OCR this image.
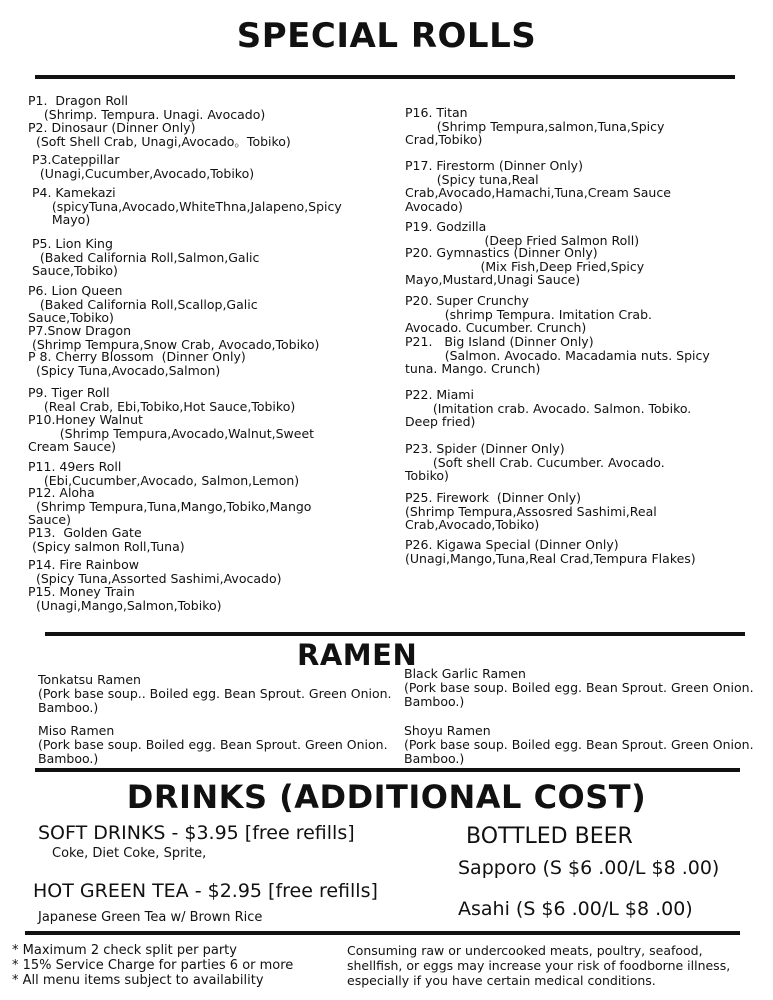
SPECIAL ROLLS
P1.  Dragon Roll
(Shrimp. Tempura. Unagi. Avocado)
P2. Dinosaur (Dinner Only)
(Soft Shell Crab, Unagi,Avocado。Tobiko)
P3.Cateppillar
(Unagi,Cucumber,Avocado,Tobiko)
P4. Kamekazi
(spicyTuna,Avocado,WhiteThna,Jalapeno,Spicy
Mayo)
P5. Lion King
(Baked California Roll,Salmon,Galic
Sauce,Tobiko)
P6. Lion Queen
(Baked California Roll,Scallop,Galic
Sauce,Tobiko)
P7.Snow Dragon
(Shrimp Tempura,Snow Crab, Avocado,Tobiko)
P 8. Cherry Blossom  (Dinner Only)
(Spicy Tuna,Avocado,Salmon)
P9. Tiger Roll
(Real Crab, Ebi,Tobiko,Hot Sauce,Tobiko)
P10.Honey Walnut
(Shrimp Tempura,Avocado,Walnut,Sweet
Cream Sauce)
P11. 49ers Roll
(Ebi,Cucumber,Avocado, Salmon,Lemon)
P12. Aloha
(Shrimp Tempura,Tuna,Mango,Tobiko,Mango
Sauce)
P13.  Golden Gate
(Spicy salmon Roll,Tuna)
P14. Fire Rainbow
(Spicy Tuna,Assorted Sashimi,Avocado)
P15. Money Train
(Unagi,Mango,Salmon,Tobiko)
P16. Titan
(Shrimp Tempura,salmon,Tuna,Spicy
Crad,Tobiko)
P17. Firestorm (Dinner Only)
(Spicy tuna,Real
Crab,Avocado,Hamachi,Tuna,Cream Sauce
Avocado)
P19. Godzilla
(Deep Fried Salmon Roll)
P20. Gymnastics (Dinner Only)
(Mix Fish,Deep Fried,Spicy
Mayo,Mustard,Unagi Sauce)
P20. Super Crunchy
(shrimp Tempura. Imitation Crab.
Avocado. Cucumber. Crunch)
P21.   Big Island (Dinner Only)
(Salmon. Avocado. Macadamia nuts. Spicy
tuna. Mango. Crunch)
P22. Miami
(Imitation crab. Avocado. Salmon. Tobiko.
Deep fried)
P23. Spider (Dinner Only)
(Soft shell Crab. Cucumber. Avocado.
Tobiko)
P25. Firework  (Dinner Only)
(Shrimp Tempura,Assosred Sashimi,Real
Crab,Avocado,Tobiko)
P26. Kigawa Special (Dinner Only)
(Unagi,Mango,Tuna,Real Crad,Tempura Flakes)
RAMEN
Tonkatsu Ramen
(Pork base soup.. Boiled egg. Bean Sprout. Green Onion.
Bamboo.)
Black Garlic Ramen
(Pork base soup. Boiled egg. Bean Sprout. Green Onion.
Bamboo.)
Miso Ramen
(Pork base soup. Boiled egg. Bean Sprout. Green Onion.
Bamboo.)
Shoyu Ramen
(Pork base soup. Boiled egg. Bean Sprout. Green Onion.
Bamboo.)
DRINKS (ADDITIONAL COST)
SOFT DRINKS - $3.95 [free refills]
Coke, Diet Coke, Sprite,
HOT GREEN TEA - $2.95 [free refills]
Japanese Green Tea w/ Brown Rice
BOTTLED BEER
Sapporo (S $6 .00/L $8 .00)
Asahi (S $6 .00/L $8 .00)
* Maximum 2 check split per party
* 15% Service Charge for parties 6 or more
* All menu items subject to availability
Consuming raw or undercooked meats, poultry, seafood,
shellfish, or eggs may increase your risk of foodborne illness,
especially if you have certain medical conditions.
